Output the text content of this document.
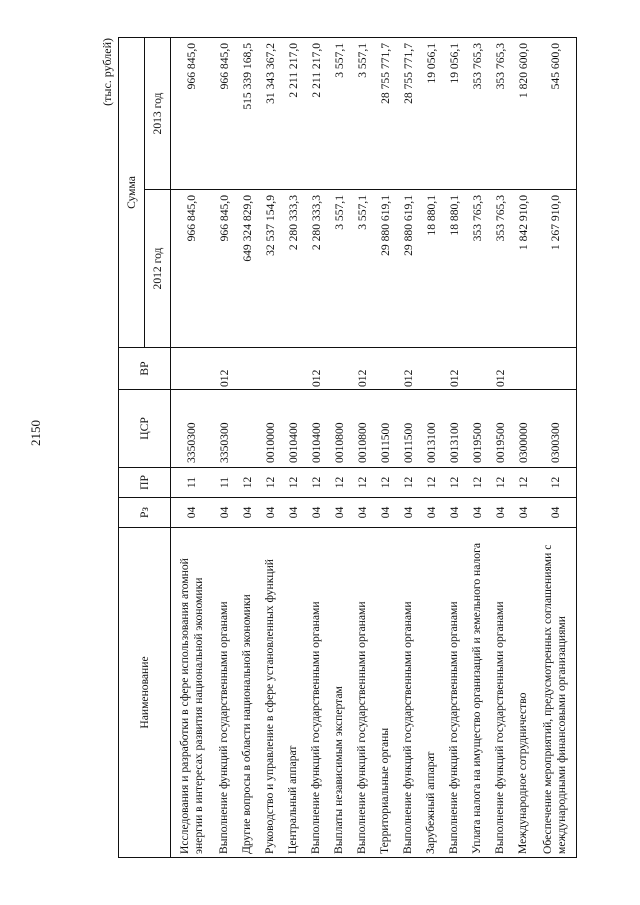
2150
(тыс. рублей)
Наименование	Рз	ПР	ЦСР	ВР	Сумма	
					2012 год	2013 год
Исследования и разработки в сфере использования атомной энергии в интересах развития национальной экономики	04	11	3350300		966 845,0	966 845,0
Выполнение функций государственными органами	04	11	3350300	012	966 845,0	966 845,0
Другие вопросы в области национальной экономики	04	12			649 324 829,0	515 339 168,5
Руководство и управление в сфере установленных функций	04	12	0010000		32 537 154,9	31 343 367,2
Центральный аппарат	04	12	0010400		2 280 333,3	2 211 217,0
Выполнение функций государственными органами	04	12	0010400	012	2 280 333,3	2 211 217,0
Выплаты независимым экспертам	04	12	0010800		3 557,1	3 557,1
Выполнение функций государственными органами	04	12	0010800	012	3 557,1	3 557,1
Территориальные органы	04	12	0011500		29 880 619,1	28 755 771,7
Выполнение функций государственными органами	04	12	0011500	012	29 880 619,1	28 755 771,7
Зарубежный аппарат	04	12	0013100		18 880,1	19 056,1
Выполнение функций государственными органами	04	12	0013100	012	18 880,1	19 056,1
Уплата налога на имущество организаций и земельного налога	04	12	0019500		353 765,3	353 765,3
Выполнение функций государственными органами	04	12	0019500	012	353 765,3	353 765,3
Международное сотрудничество	04	12	0300000		1 842 910,0	1 820 600,0
Обеспечение мероприятий, предусмотренных соглашениями с международными финансовыми организациями	04	12	0300300		1 267 910,0	545 600,0
